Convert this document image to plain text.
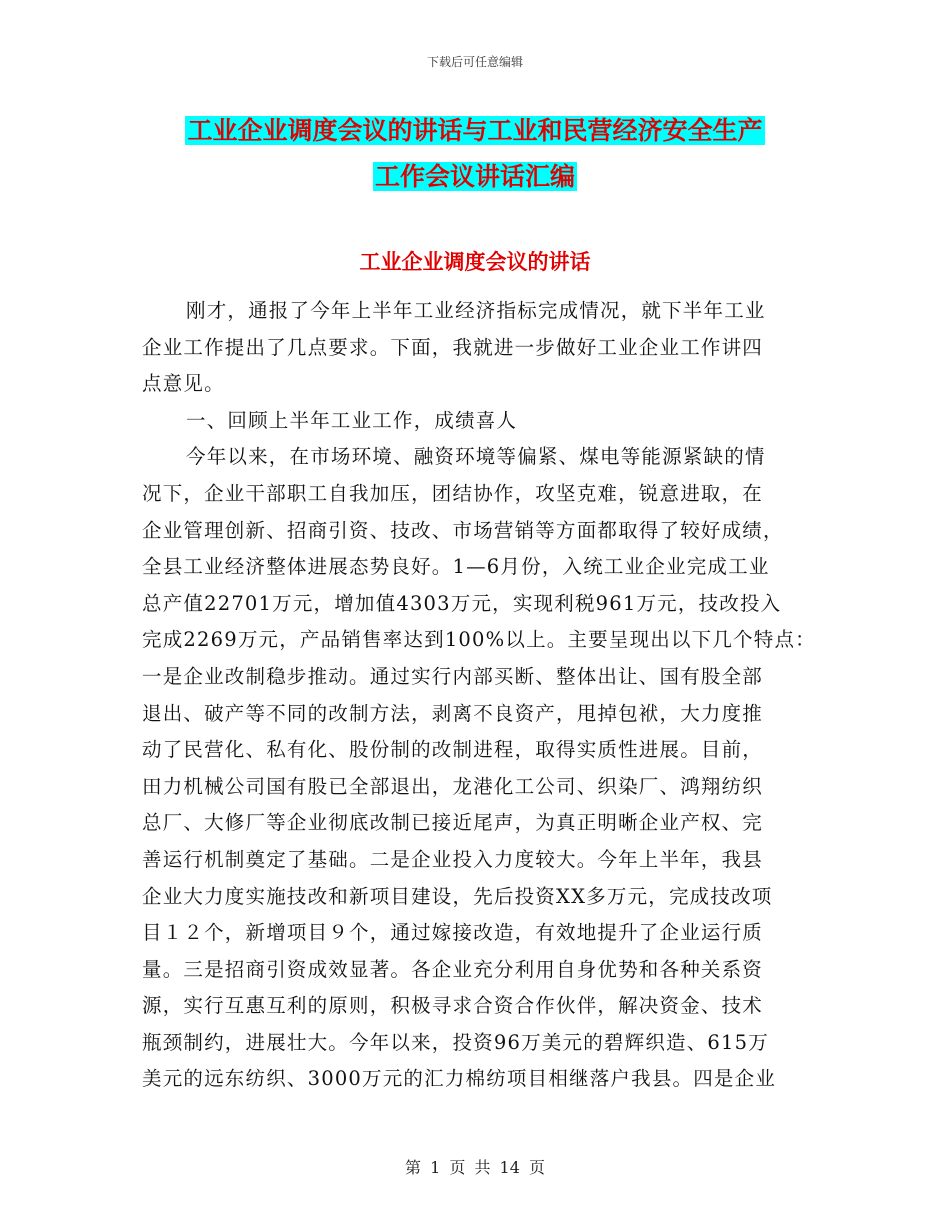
下载后可任意编辑
工业企业调度会议的讲话与工业和民营经济安全生产
工作会议讲话汇编
工业企业调度会议的讲话
刚才，通报了今年上半年工业经济指标完成情况，就下半年工业
企业工作提出了几点要求。下面，我就进一步做好工业企业工作讲四
点意见。
一、回顾上半年工业工作，成绩喜人
今年以来，在市场环境、融资环境等偏紧、煤电等能源紧缺的情
况下，企业干部职工自我加压，团结协作，攻坚克难，锐意进取，在
企业管理创新、招商引资、技改、市场营销等方面都取得了较好成绩，
全县工业经济整体进展态势良好。1—6月份，入统工业企业完成工业
总产值22701万元，增加值4303万元，实现利税961万元，技改投入
完成2269万元，产品销售率达到100%以上。主要呈现出以下几个特点：
一是企业改制稳步推动。通过实行内部买断、整体出让、国有股全部
退出、破产等不同的改制方法，剥离不良资产，甩掉包袱，大力度推
动了民营化、私有化、股份制的改制进程，取得实质性进展。目前，
田力机械公司国有股已全部退出，龙港化工公司、织染厂、鸿翔纺织
总厂、大修厂等企业彻底改制已接近尾声，为真正明晰企业产权、完
善运行机制奠定了基础。二是企业投入力度较大。今年上半年，我县
企业大力度实施技改和新项目建设，先后投资XX多万元，完成技改项
目１２个，新增项目９个，通过嫁接改造，有效地提升了企业运行质
量。三是招商引资成效显著。各企业充分利用自身优势和各种关系资
源，实行互惠互利的原则，积极寻求合资合作伙伴，解决资金、技术
瓶颈制约，进展壮大。今年以来，投资96万美元的碧辉织造、615万
美元的远东纺织、3000万元的汇力棉纺项目相继落户我县。四是企业
第 1 页 共 14 页
